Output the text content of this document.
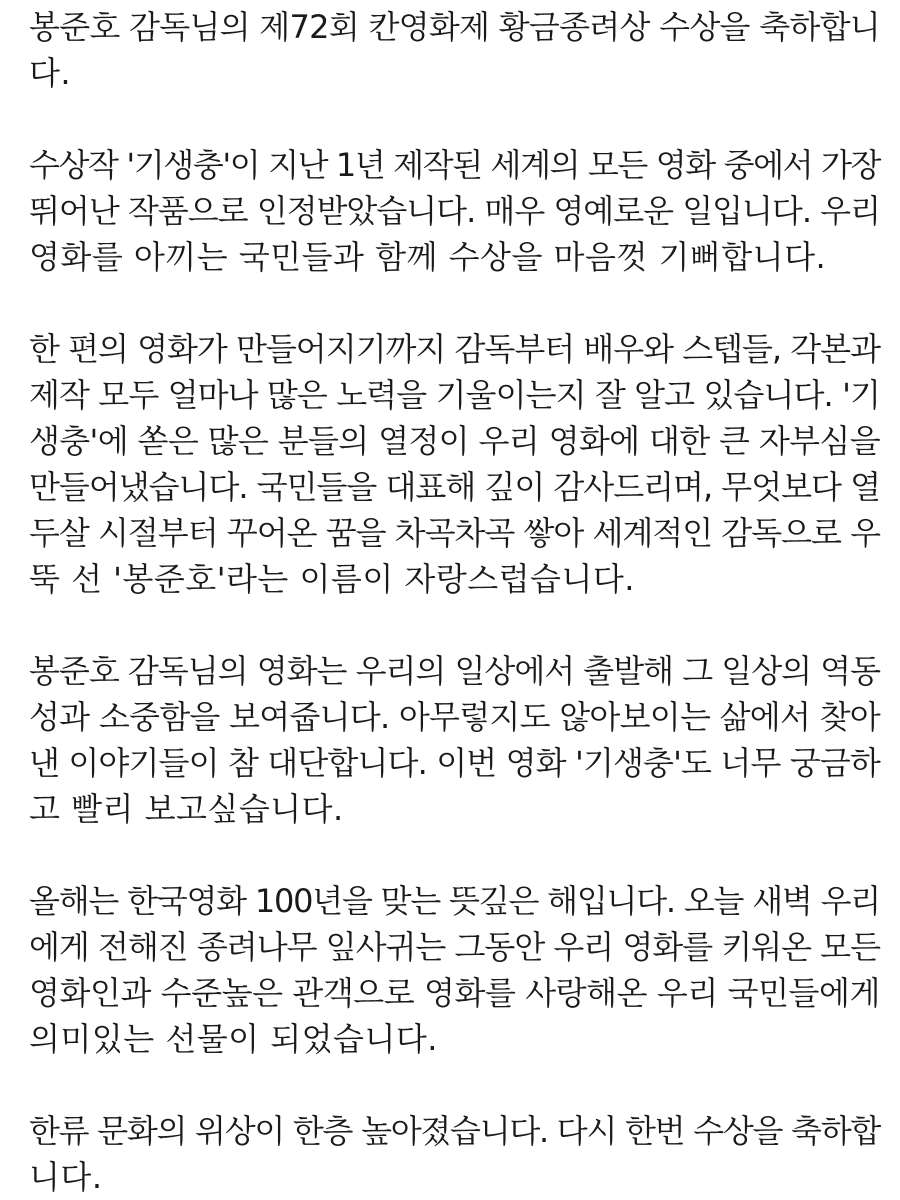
봉준호 감독님의 제72회 칸영화제 황금종려상 수상을 축하합니
다.

수상작 '기생충'이 지난 1년 제작된 세계의 모든 영화 중에서 가장
뛰어난 작품으로 인정받았습니다. 매우 영예로운 일입니다. 우리
영화를 아끼는 국민들과 함께 수상을 마음껏 기뻐합니다.

한 편의 영화가 만들어지기까지 감독부터 배우와 스텝들, 각본과
제작 모두 얼마나 많은 노력을 기울이는지 잘 알고 있습니다. '기
생충'에 쏟은 많은 분들의 열정이 우리 영화에 대한 큰 자부심을
만들어냈습니다. 국민들을 대표해 깊이 감사드리며, 무엇보다 열
두살 시절부터 꾸어온 꿈을 차곡차곡 쌓아 세계적인 감독으로 우
뚝 선 '봉준호'라는 이름이 자랑스럽습니다.

봉준호 감독님의 영화는 우리의 일상에서 출발해 그 일상의 역동
성과 소중함을 보여줍니다. 아무렇지도 않아보이는 삶에서 찾아
낸 이야기들이 참 대단합니다. 이번 영화 '기생충'도 너무 궁금하
고 빨리 보고싶습니다.

올해는 한국영화 100년을 맞는 뜻깊은 해입니다. 오늘 새벽 우리
에게 전해진 종려나무 잎사귀는 그동안 우리 영화를 키워온 모든
영화인과 수준높은 관객으로 영화를 사랑해온 우리 국민들에게
의미있는 선물이 되었습니다.

한류 문화의 위상이 한층 높아졌습니다. 다시 한번 수상을 축하합
니다.
